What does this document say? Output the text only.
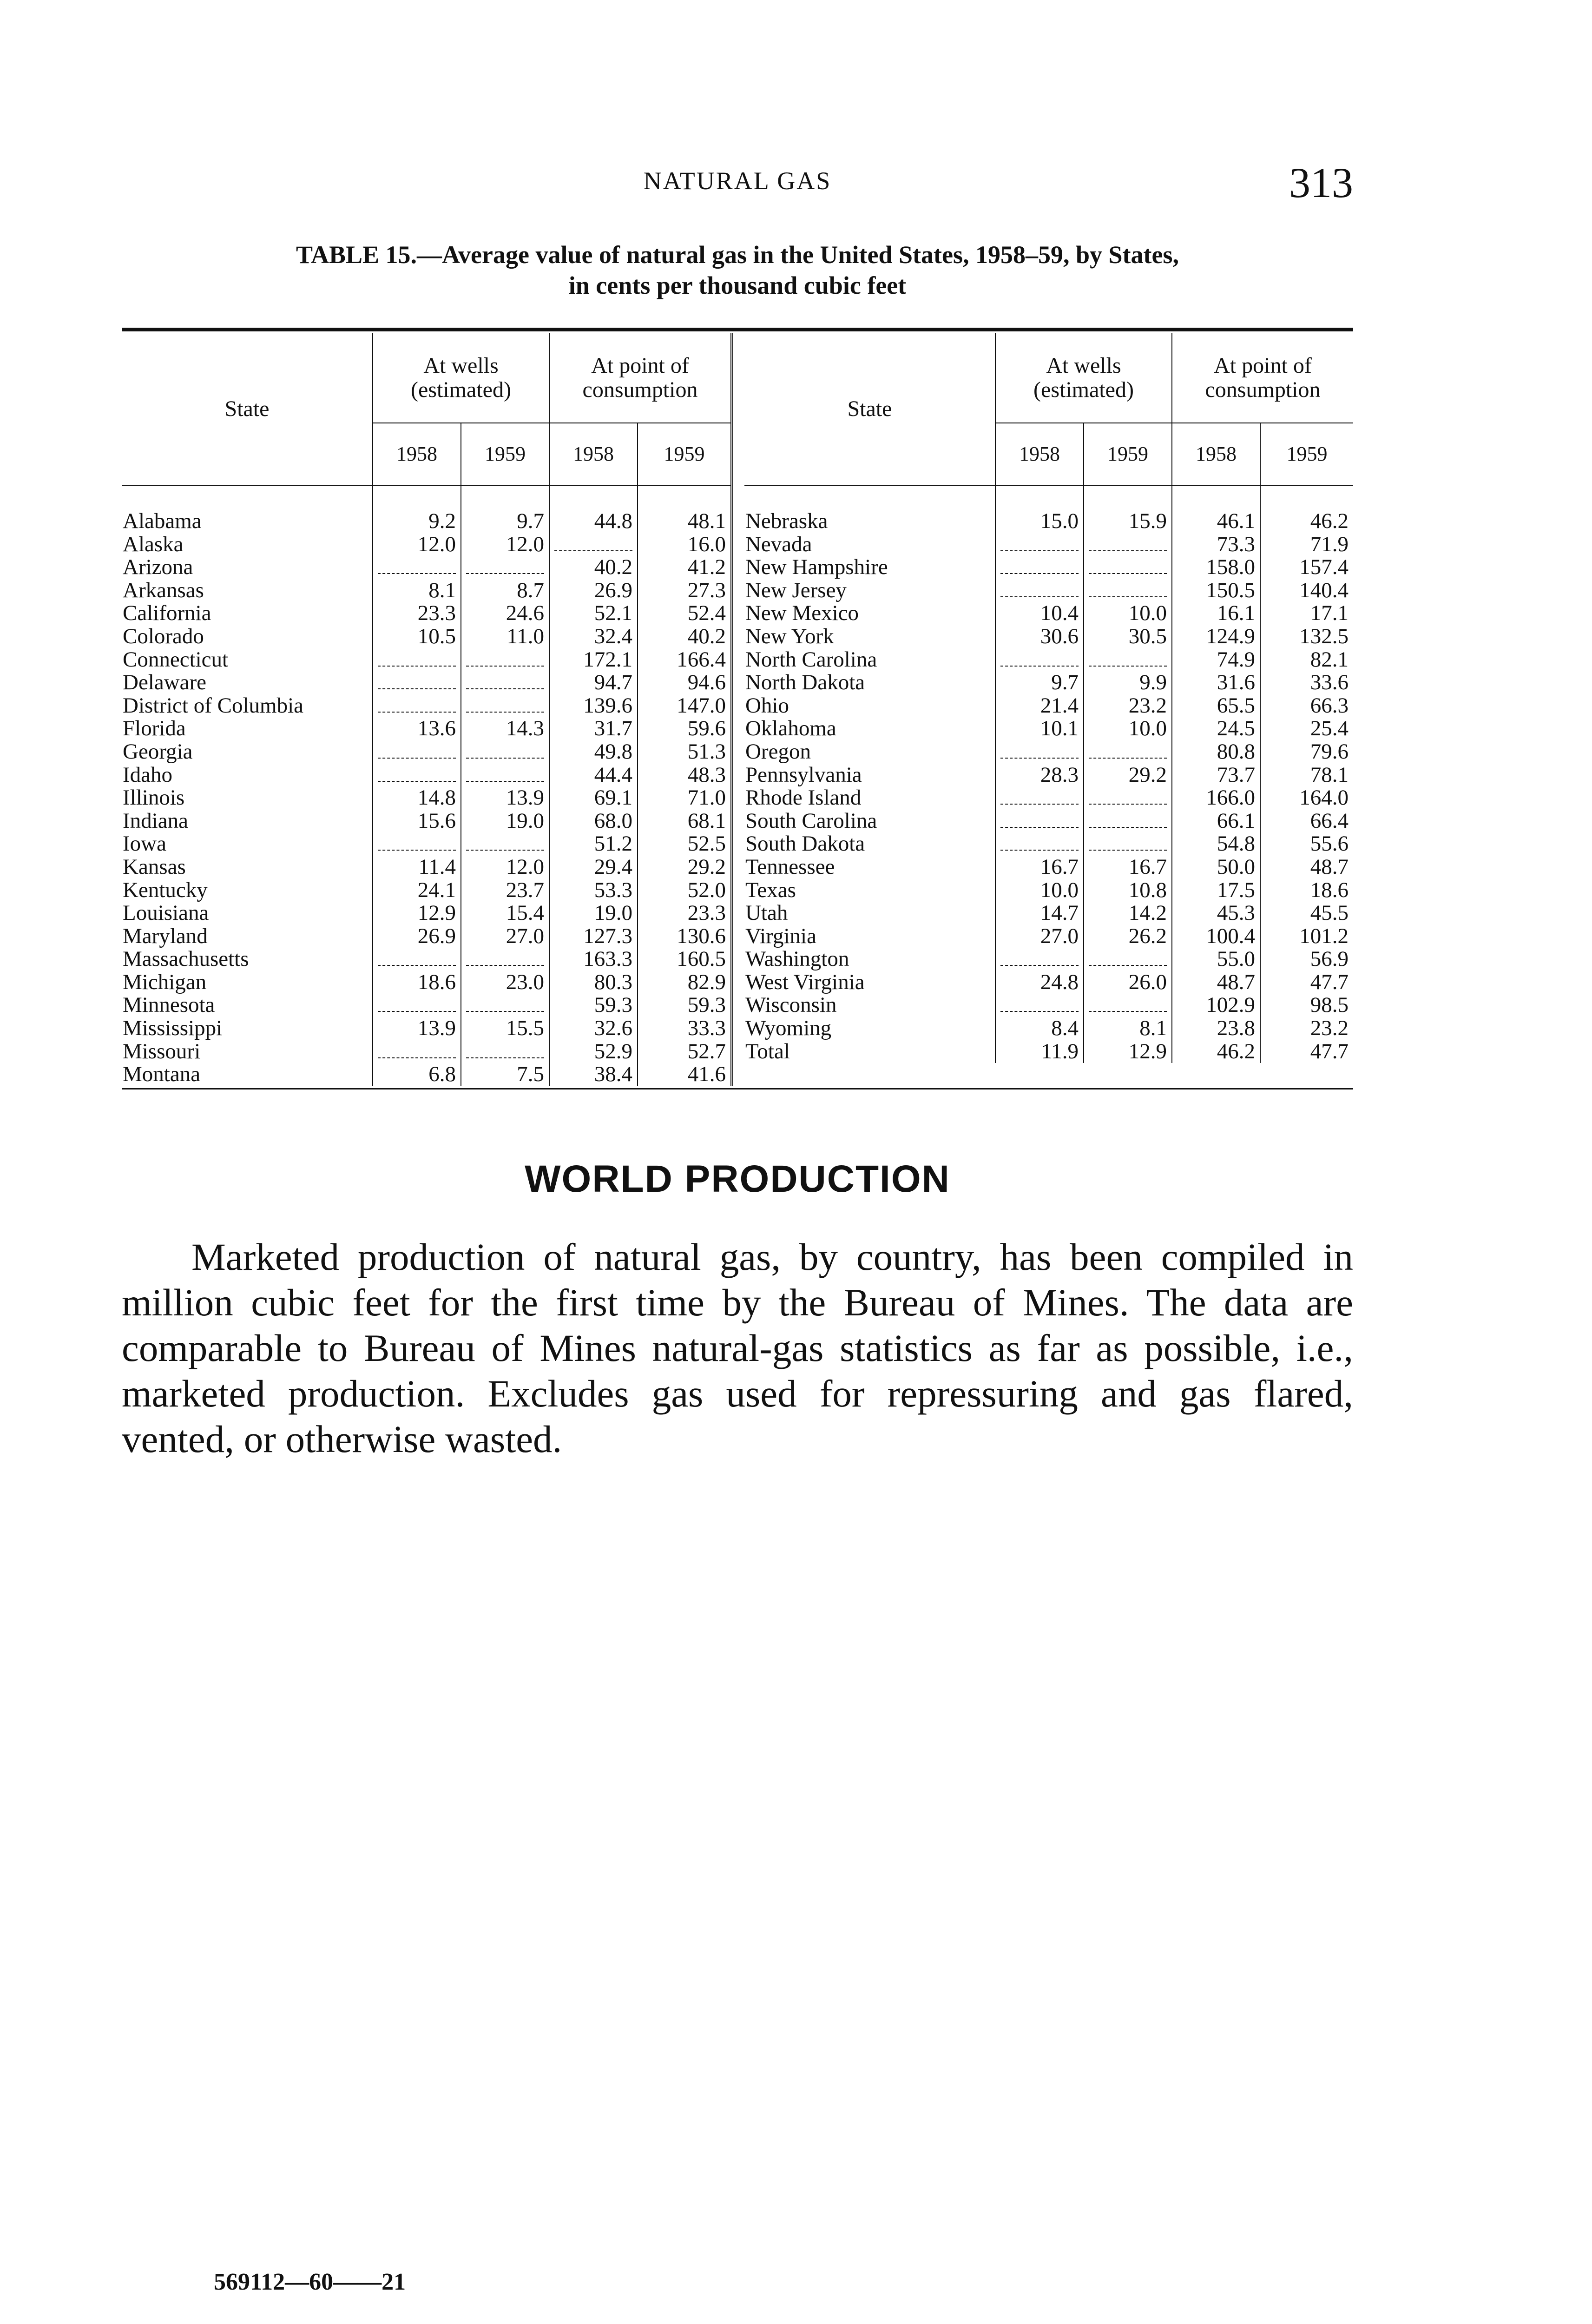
NATURAL GAS	313
TABLE 15.—Average value of natural gas in the United States, 1958–59, by States,
in cents per thousand cubic feet
State	At wells (estimated)		At point of consumption	
	1958	1959	1958	1959
Alabama	9.2	9.7	44.8	48.1
Alaska	12.0	12.0		16.0
Arizona			40.2	41.2
Arkansas	8.1	8.7	26.9	27.3
California	23.3	24.6	52.1	52.4
Colorado	10.5	11.0	32.4	40.2
Connecticut			172.1	166.4
Delaware			94.7	94.6
District of Columbia			139.6	147.0
Florida	13.6	14.3	31.7	59.6
Georgia			49.8	51.3
Idaho			44.4	48.3
Illinois	14.8	13.9	69.1	71.0
Indiana	15.6	19.0	68.0	68.1
Iowa			51.2	52.5
Kansas	11.4	12.0	29.4	29.2
Kentucky	24.1	23.7	53.3	52.0
Louisiana	12.9	15.4	19.0	23.3
Maryland	26.9	27.0	127.3	130.6
Massachusetts			163.3	160.5
Michigan	18.6	23.0	80.3	82.9
Minnesota			59.3	59.3
Mississippi	13.9	15.5	32.6	33.3
Missouri			52.9	52.7
Montana	6.8	7.5	38.4	41.6
State	At wells (estimated)		At point of consumption	
	1958	1959	1958	1959
Nebraska	15.0	15.9	46.1	46.2
Nevada			73.3	71.9
New Hampshire			158.0	157.4
New Jersey			150.5	140.4
New Mexico	10.4	10.0	16.1	17.1
New York	30.6	30.5	124.9	132.5
North Carolina			74.9	82.1
North Dakota	9.7	9.9	31.6	33.6
Ohio	21.4	23.2	65.5	66.3
Oklahoma	10.1	10.0	24.5	25.4
Oregon			80.8	79.6
Pennsylvania	28.3	29.2	73.7	78.1
Rhode Island			166.0	164.0
South Carolina			66.1	66.4
South Dakota			54.8	55.6
Tennessee	16.7	16.7	50.0	48.7
Texas	10.0	10.8	17.5	18.6
Utah	14.7	14.2	45.3	45.5
Virginia	27.0	26.2	100.4	101.2
Washington			55.0	56.9
West Virginia	24.8	26.0	48.7	47.7
Wisconsin			102.9	98.5
Wyoming	8.4	8.1	23.8	23.2
Total	11.9	12.9	46.2	47.7
WORLD PRODUCTION
Marketed production of natural gas, by country, has been compiled in million cubic feet for the first time by the Bureau of Mines. The data are comparable to Bureau of Mines natural-gas statistics as far as possible, i.e., marketed production. Excludes gas used for repressuring and gas flared, vented, or otherwise wasted.
569112—60——21
